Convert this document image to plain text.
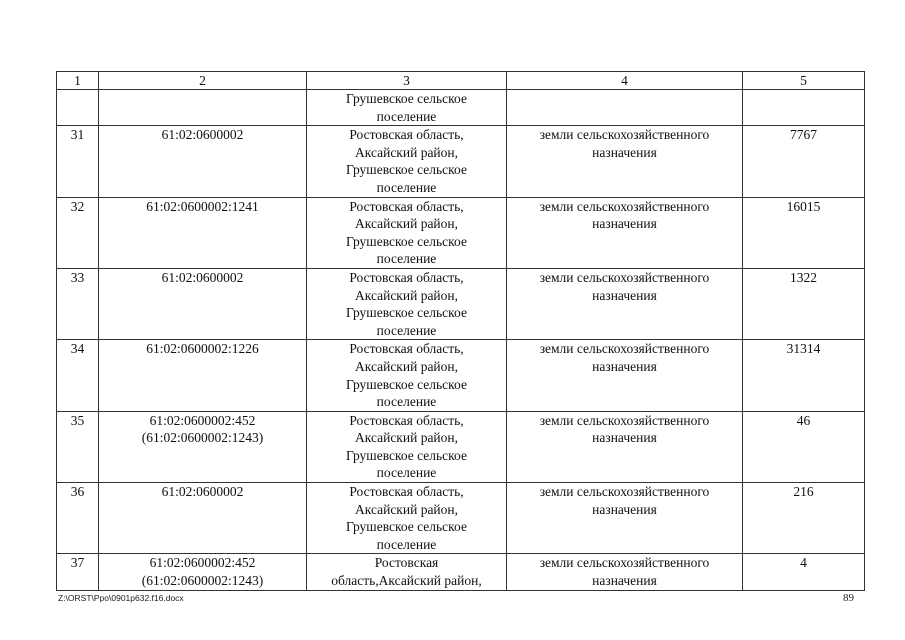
1	2	3	4	5
		Грушевское сельское
поселение		
31	61:02:0600002	Ростовская область,
Аксайский район,
Грушевское сельское
поселение	земли сельскохозяйственного
назначения	7767
32	61:02:0600002:1241	Ростовская область,
Аксайский район,
Грушевское сельское
поселение	земли сельскохозяйственного
назначения	16015
33	61:02:0600002	Ростовская область,
Аксайский район,
Грушевское сельское
поселение	земли сельскохозяйственного
назначения	1322
34	61:02:0600002:1226	Ростовская область,
Аксайский район,
Грушевское сельское
поселение	земли сельскохозяйственного
назначения	31314
35	61:02:0600002:452
(61:02:0600002:1243)	Ростовская область,
Аксайский район,
Грушевское сельское
поселение	земли сельскохозяйственного
назначения	46
36	61:02:0600002	Ростовская область,
Аксайский район,
Грушевское сельское
поселение	земли сельскохозяйственного
назначения	216
37	61:02:0600002:452
(61:02:0600002:1243)	Ростовская
область,Аксайский район,	земли сельскохозяйственного
назначения	4
Z:\ORST\Ppo\0901p632.f16.docx	89
